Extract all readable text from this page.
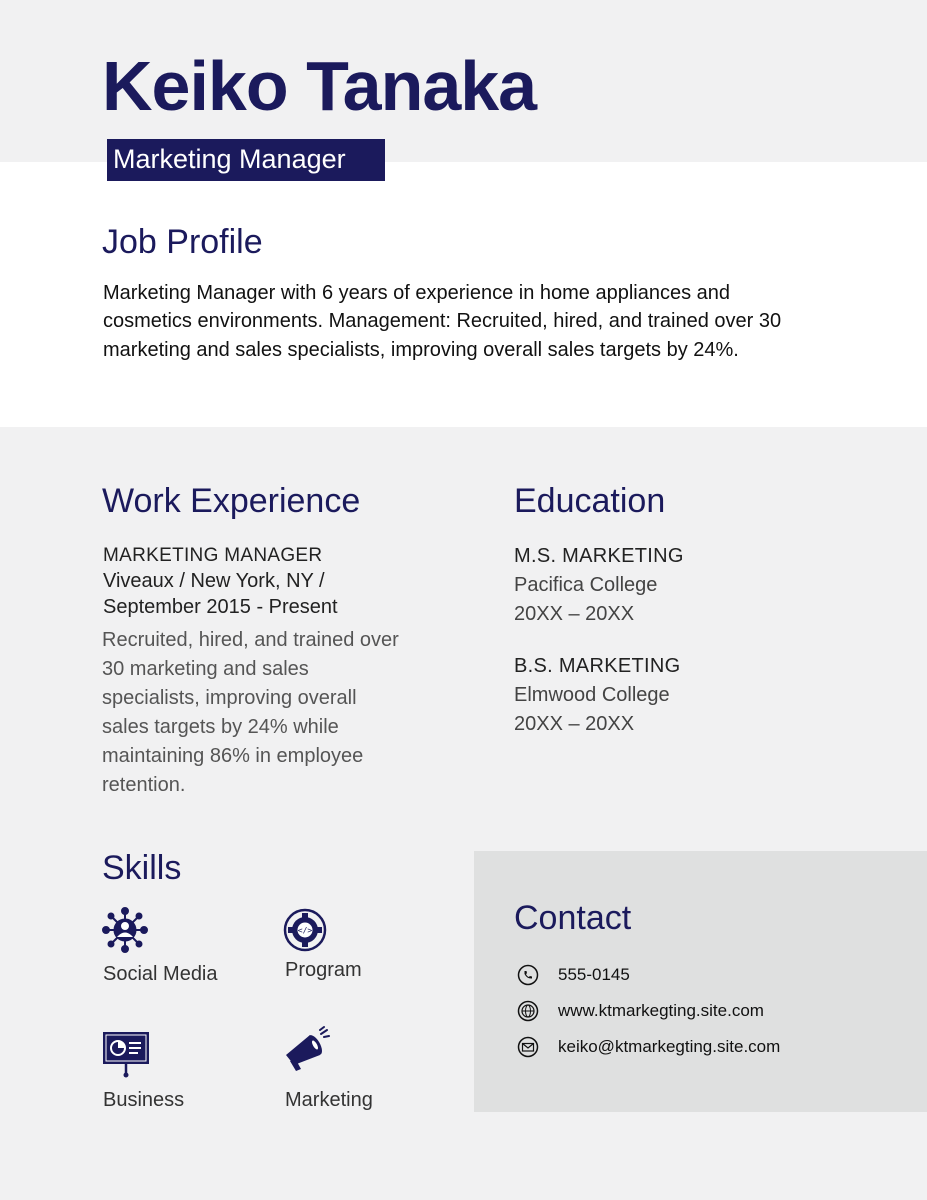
Keiko Tanaka
Marketing Manager
Job Profile
Marketing Manager with 6 years of experience in home appliances and cosmetics environments. Management: Recruited, hired, and trained over 30 marketing and sales specialists, improving overall sales targets by 24%.
Work Experience
MARKETING MANAGER
Viveaux / New York, NY /
September 2015 - Present
Recruited, hired, and trained over 30 marketing and sales specialists, improving overall sales targets by 24% while maintaining 86% in employee retention.
Education
M.S. MARKETING
Pacifica College
20XX – 20XX
B.S. MARKETING
Elmwood College
20XX – 20XX
Skills
Social Media
</>
Program
Business	Marketing
Contact
555-0145
www.ktmarkegting.site.com
keiko@ktmarkegting.site.com
